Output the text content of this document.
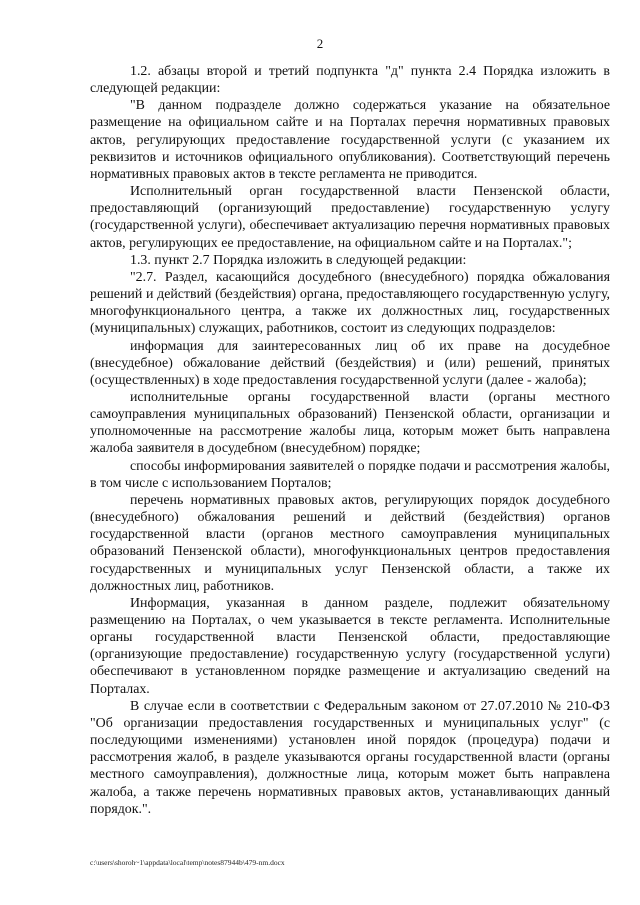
2

1.2. абзацы второй и третий подпункта "д" пункта 2.4 Порядка изложить в следующей редакции:

"В данном подразделе должно содержаться указание на обязательное размещение на официальном сайте и на Порталах перечня нормативных правовых актов, регулирующих предоставление государственной услуги (с указанием их реквизитов и источников официального опубликования). Соответствующий перечень нормативных правовых актов в тексте регламента не приводится.

Исполнительный орган государственной власти Пензенской области, предоставляющий (организующий предоставление) государственную услугу (государственной услуги), обеспечивает актуализацию перечня нормативных правовых актов, регулирующих ее предоставление, на официальном сайте и на Порталах.";

1.3. пункт 2.7 Порядка изложить в следующей редакции:

"2.7. Раздел, касающийся досудебного (внесудебного) порядка обжалования решений и действий (бездействия) органа, предоставляющего государственную услугу, многофункционального центра, а также их должностных лиц, государственных (муниципальных) служащих, работников, состоит из следующих подразделов:

информация для заинтересованных лиц об их праве на досудебное (внесудебное) обжалование действий (бездействия) и (или) решений, принятых (осуществленных) в ходе предоставления государственной услуги (далее - жалоба);

исполнительные органы государственной власти (органы местного самоуправления муниципальных образований) Пензенской области, организации и уполномоченные на рассмотрение жалобы лица, которым может быть направлена жалоба заявителя в досудебном (внесудебном) порядке;

способы информирования заявителей о порядке подачи и рассмотрения жалобы, в том числе с использованием Порталов;

перечень нормативных правовых актов, регулирующих порядок досудебного (внесудебного) обжалования решений и действий (бездействия) органов государственной власти (органов местного самоуправления муниципальных образований Пензенской области), многофункциональных центров предоставления государственных и муниципальных услуг Пензенской области, а также их должностных лиц, работников.

Информация, указанная в данном разделе, подлежит обязательному размещению на Порталах, о чем указывается в тексте регламента. Исполнительные органы государственной власти Пензенской области, предоставляющие (организующие предоставление) государственную услугу (государственной услуги) обеспечивают в установленном порядке размещение и актуализацию сведений на Порталах.

В случае если в соответствии с Федеральным законом от 27.07.2010 № 210-ФЗ "Об организации предоставления государственных и муниципальных услуг" (с последующими изменениями) установлен иной порядок (процедура) подачи и рассмотрения жалоб, в разделе указываются органы государственной власти (органы местного самоуправления), должностные лица, которым может быть направлена жалоба, а также перечень нормативных правовых актов, устанавливающих данный порядок.".

c:\users\shoroh~1\appdata\local\temp\notes87944b\479-nm.docx
